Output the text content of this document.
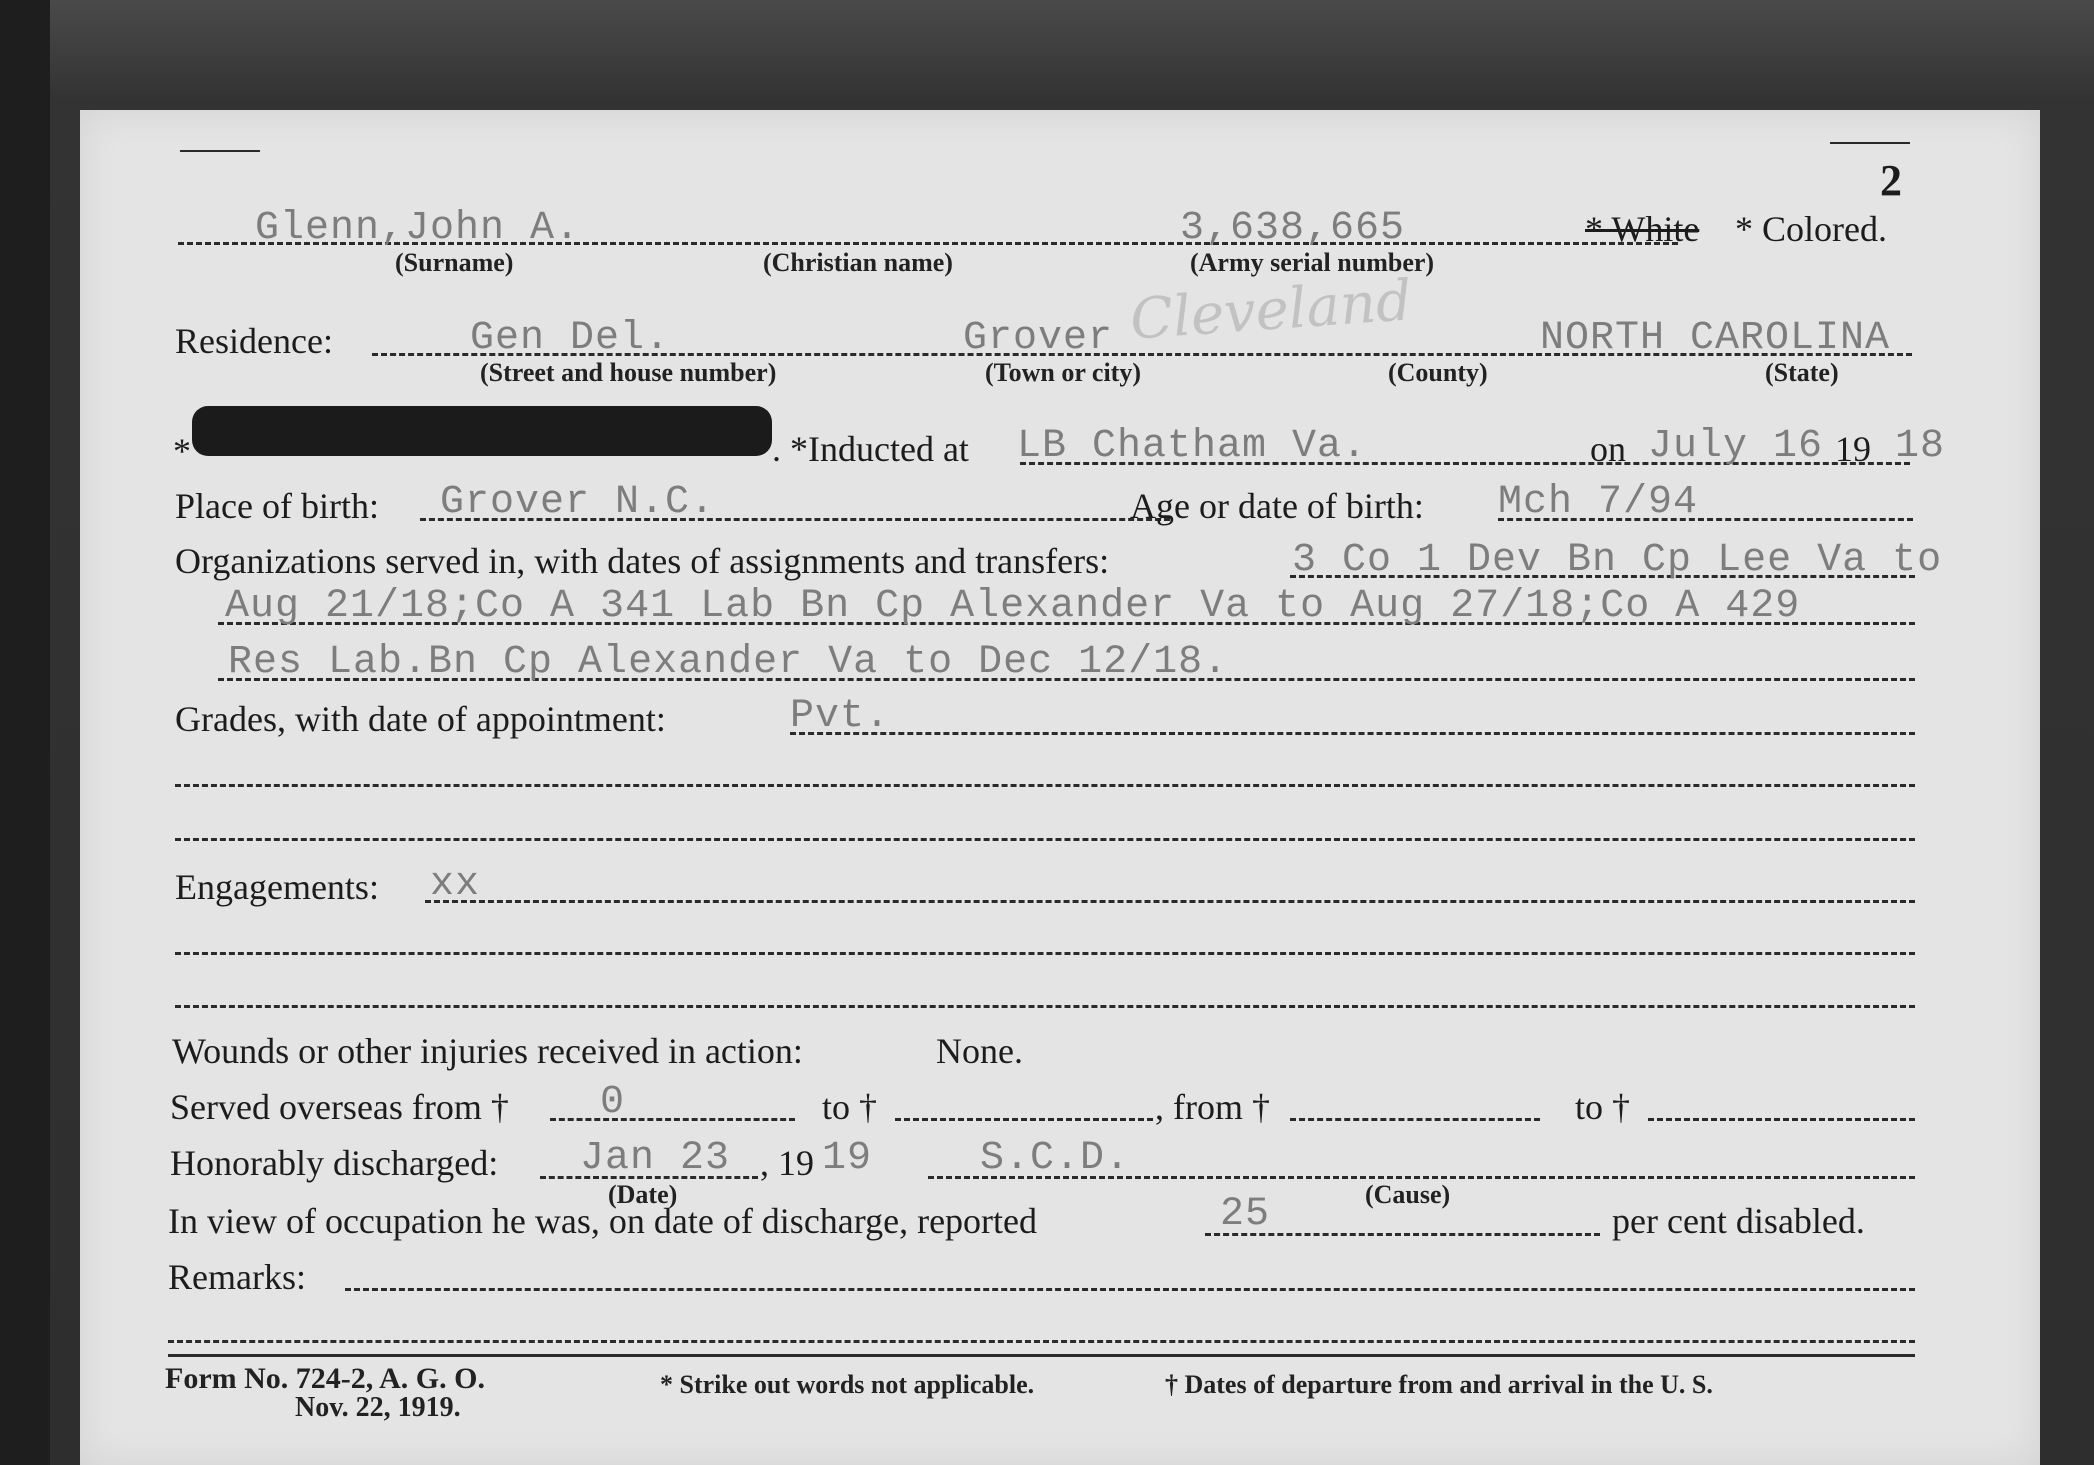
2
Glenn,John A.	3,638,665	* White * Colored.
(Surname)	(Christian name)	(Army serial number)
Residence:	Gen Del.	Grover Cleveland	NORTH CAROLINA
(Street and house number)	(Town or city)	(County)	(State)
*	. *Inducted at LB Chatham Va.	on July 16 19 18
Place of birth: Grover N.C.	Age or date of birth: Mch 7/94
Organizations served in, with dates of assignments and transfers:	3 Co 1 Dev Bn Cp Lee Va to
Aug 21/18;Co A 341 Lab Bn Cp Alexander Va to Aug 27/18;Co A 429
Res Lab.Bn Cp Alexander Va to Dec 12/18.
Grades, with date of appointment:	Pvt.
Engagements: xx
Wounds or other injuries received in action:	None.
Served overseas from † 0	to †	, from †	to †
Honorably discharged: Jan 23 , 19 19	S.C.D.
(Date)	(Cause)
In view of occupation he was, on date of discharge, reported	25	per cent disabled.
Remarks:
Form No. 724-2, A. G. O.
Nov. 22, 1919.
* Strike out words not applicable.	† Dates of departure from and arrival in the U. S.
